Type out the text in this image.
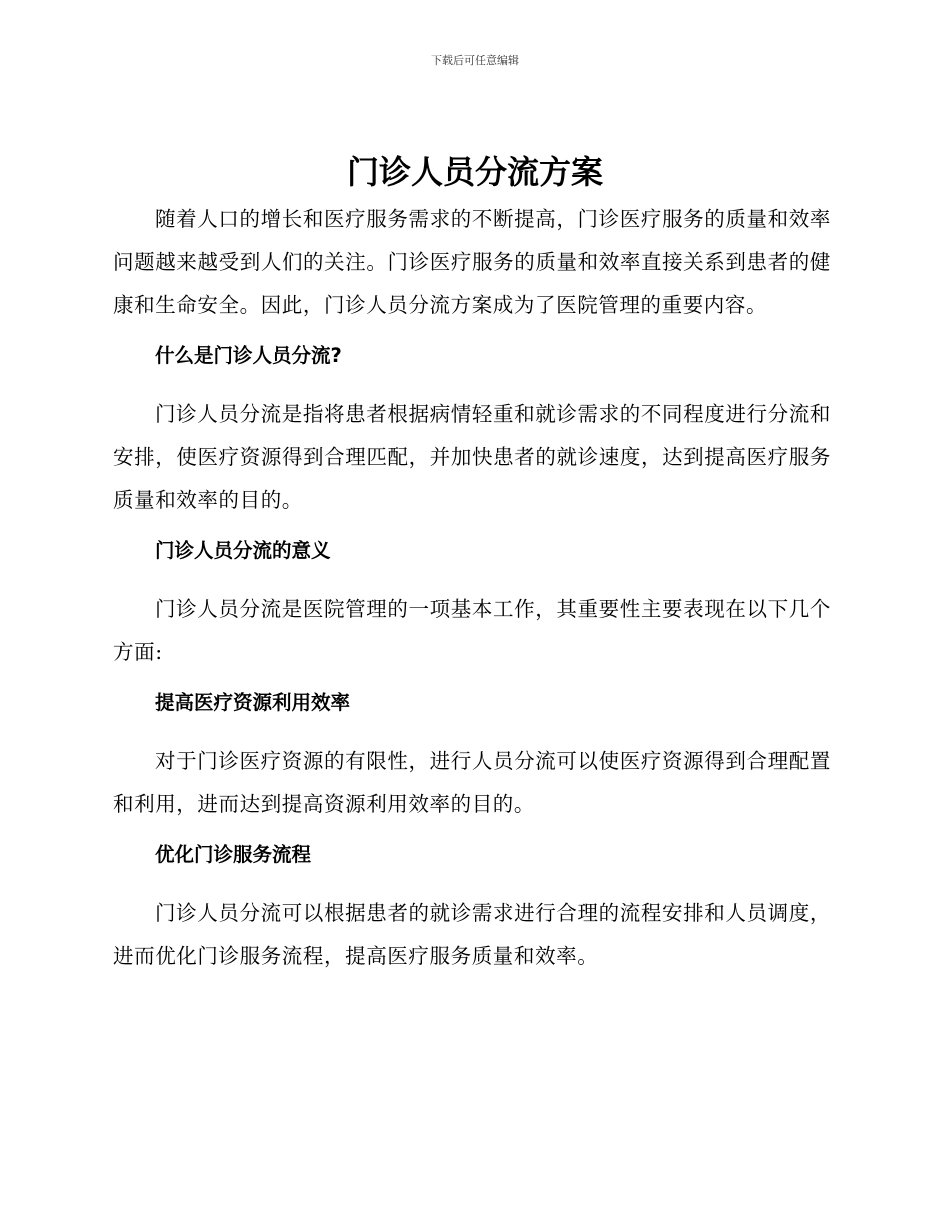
下载后可任意编辑
门诊人员分流方案

随着人口的增长和医疗服务需求的不断提高，门诊医疗服务的质量和效率问题越来越受到人们的关注。门诊医疗服务的质量和效率直接关系到患者的健康和生命安全。因此，门诊人员分流方案成为了医院管理的重要内容。

什么是门诊人员分流?

门诊人员分流是指将患者根据病情轻重和就诊需求的不同程度进行分流和安排，使医疗资源得到合理匹配，并加快患者的就诊速度，达到提高医疗服务质量和效率的目的。

门诊人员分流的意义

门诊人员分流是医院管理的一项基本工作，其重要性主要表现在以下几个方面:

提高医疗资源利用效率

对于门诊医疗资源的有限性，进行人员分流可以使医疗资源得到合理配置和利用，进而达到提高资源利用效率的目的。

优化门诊服务流程

门诊人员分流可以根据患者的就诊需求进行合理的流程安排和人员调度，进而优化门诊服务流程，提高医疗服务质量和效率。
